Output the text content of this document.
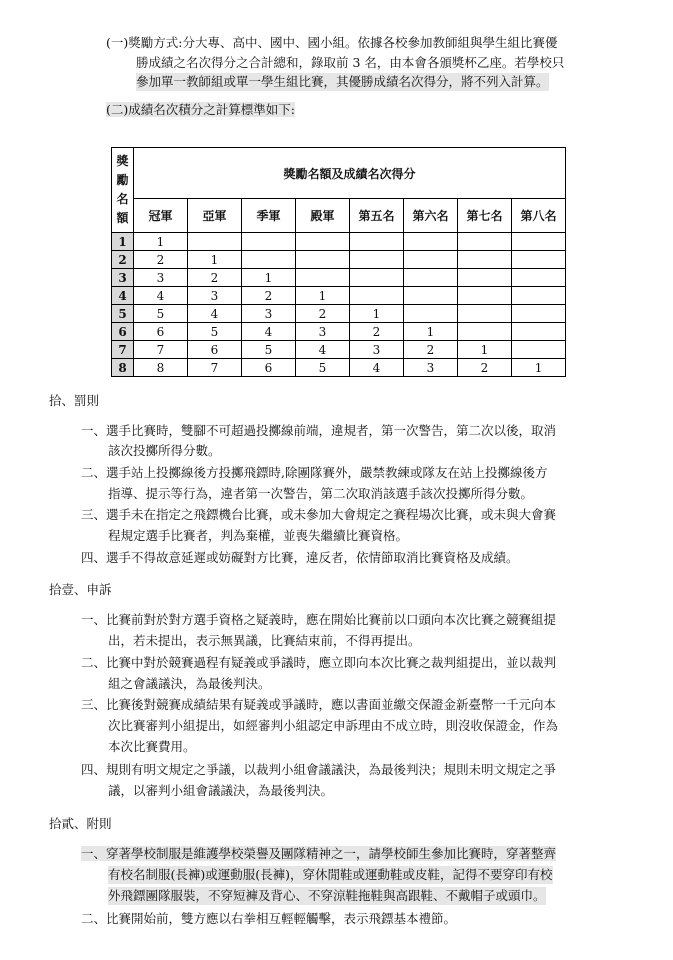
(一)獎勵方式:分大專、高中、國中、國小組。依據各校參加教師組與學生組比賽優
勝成績之名次得分之合計總和，錄取前 3 名，由本會各頒獎杯乙座。若學校只
參加單一教師組或單一學生組比賽，其優勝成績名次得分，將不列入計算。
(二)成績名次積分之計算標準如下:
獎
勵
名
額	獎勵名額及成績名次得分							
	冠軍	亞軍	季軍	殿軍	第五名	第六名	第七名	第八名
1	1							
2	2	1						
3	3	2	1					
4	4	3	2	1				
5	5	4	3	2	1			
6	6	5	4	3	2	1		
7	7	6	5	4	3	2	1	
8	8	7	6	5	4	3	2	1
拾、罰則
一、選手比賽時，雙腳不可超過投擲線前端，違規者，第一次警告，第二次以後，取消
該次投擲所得分數。
二、選手站上投擲線後方投擲飛鏢時,除團隊賽外，嚴禁教練或隊友在站上投擲線後方
指導、提示等行為，違者第一次警告，第二次取消該選手該次投擲所得分數。
三、選手未在指定之飛鏢機台比賽，或未參加大會規定之賽程場次比賽，或未與大會賽
程規定選手比賽者，判為棄權，並喪失繼續比賽資格。
四、選手不得故意延遲或妨礙對方比賽，違反者，依情節取消比賽資格及成績。
拾壹、申訴
一、比賽前對於對方選手資格之疑義時，應在開始比賽前以口頭向本次比賽之競賽組提
出，若未提出，表示無異議，比賽結束前，不得再提出。
二、比賽中對於競賽過程有疑義或爭議時，應立即向本次比賽之裁判組提出，並以裁判
組之會議議決，為最後判決。
三、比賽後對競賽成績結果有疑義或爭議時，應以書面並繳交保證金新臺幣一千元向本
次比賽審判小組提出，如經審判小組認定申訴理由不成立時，則沒收保證金，作為
本次比賽費用。
四、規則有明文規定之爭議，以裁判小組會議議決，為最後判決；規則未明文規定之爭
議，以審判小組會議議決，為最後判決。
拾貳、附則
一、穿著學校制服是維護學校榮譽及團隊精神之一，請學校師生參加比賽時，穿著整齊
有校名制服(長褲)或運動服(長褲)，穿休閒鞋或運動鞋或皮鞋，記得不要穿印有校
外飛鏢團隊服裝，不穿短褲及背心、不穿涼鞋拖鞋與高跟鞋、不戴帽子或頭巾。
二、比賽開始前，雙方應以右拳相互輕輕觸擊，表示飛鏢基本禮節。
